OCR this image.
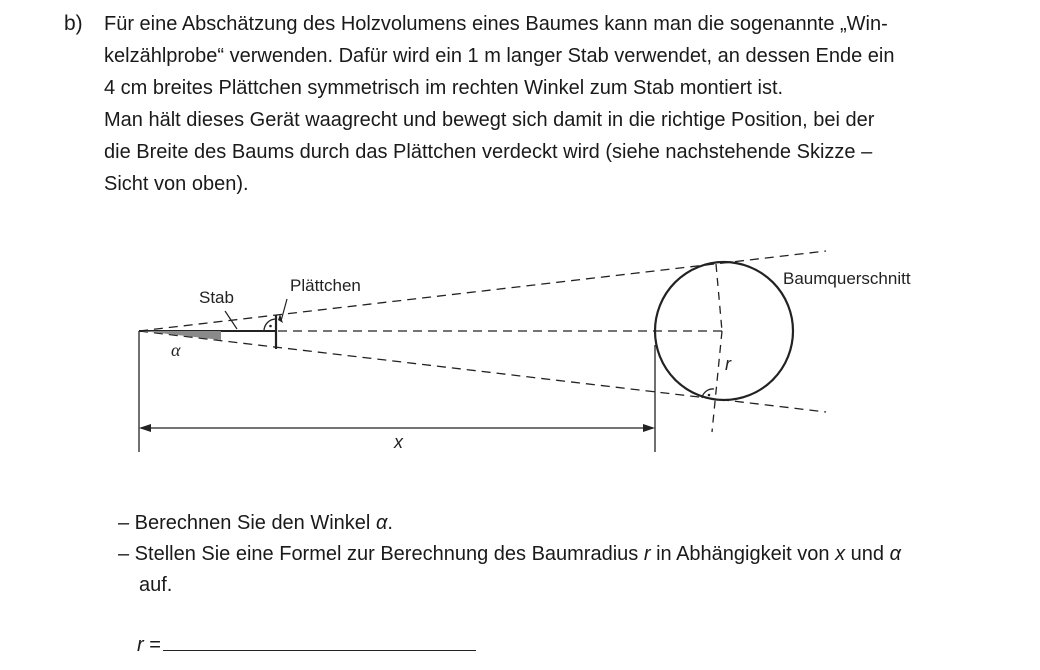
b) Für eine Abschätzung des Holzvolumens eines Baumes kann man die sogenannte „Win-
kelzählprobe“ verwenden. Dafür wird ein 1 m langer Stab verwendet, an dessen Ende ein
4 cm breites Plättchen symmetrisch im rechten Winkel zum Stab montiert ist.
Man hält dieses Gerät waagrecht und bewegt sich damit in die richtige Position, bei der
die Breite des Baums durch das Plättchen verdeckt wird (siehe nachstehende Skizze –
Sicht von oben).
Stab
Plättchen	Baumquerschnitt
α
r
x
– Berechnen Sie den Winkel α.
– Stellen Sie eine Formel zur Berechnung des Baumradius r in Abhängigkeit von x und α
auf.
r =
